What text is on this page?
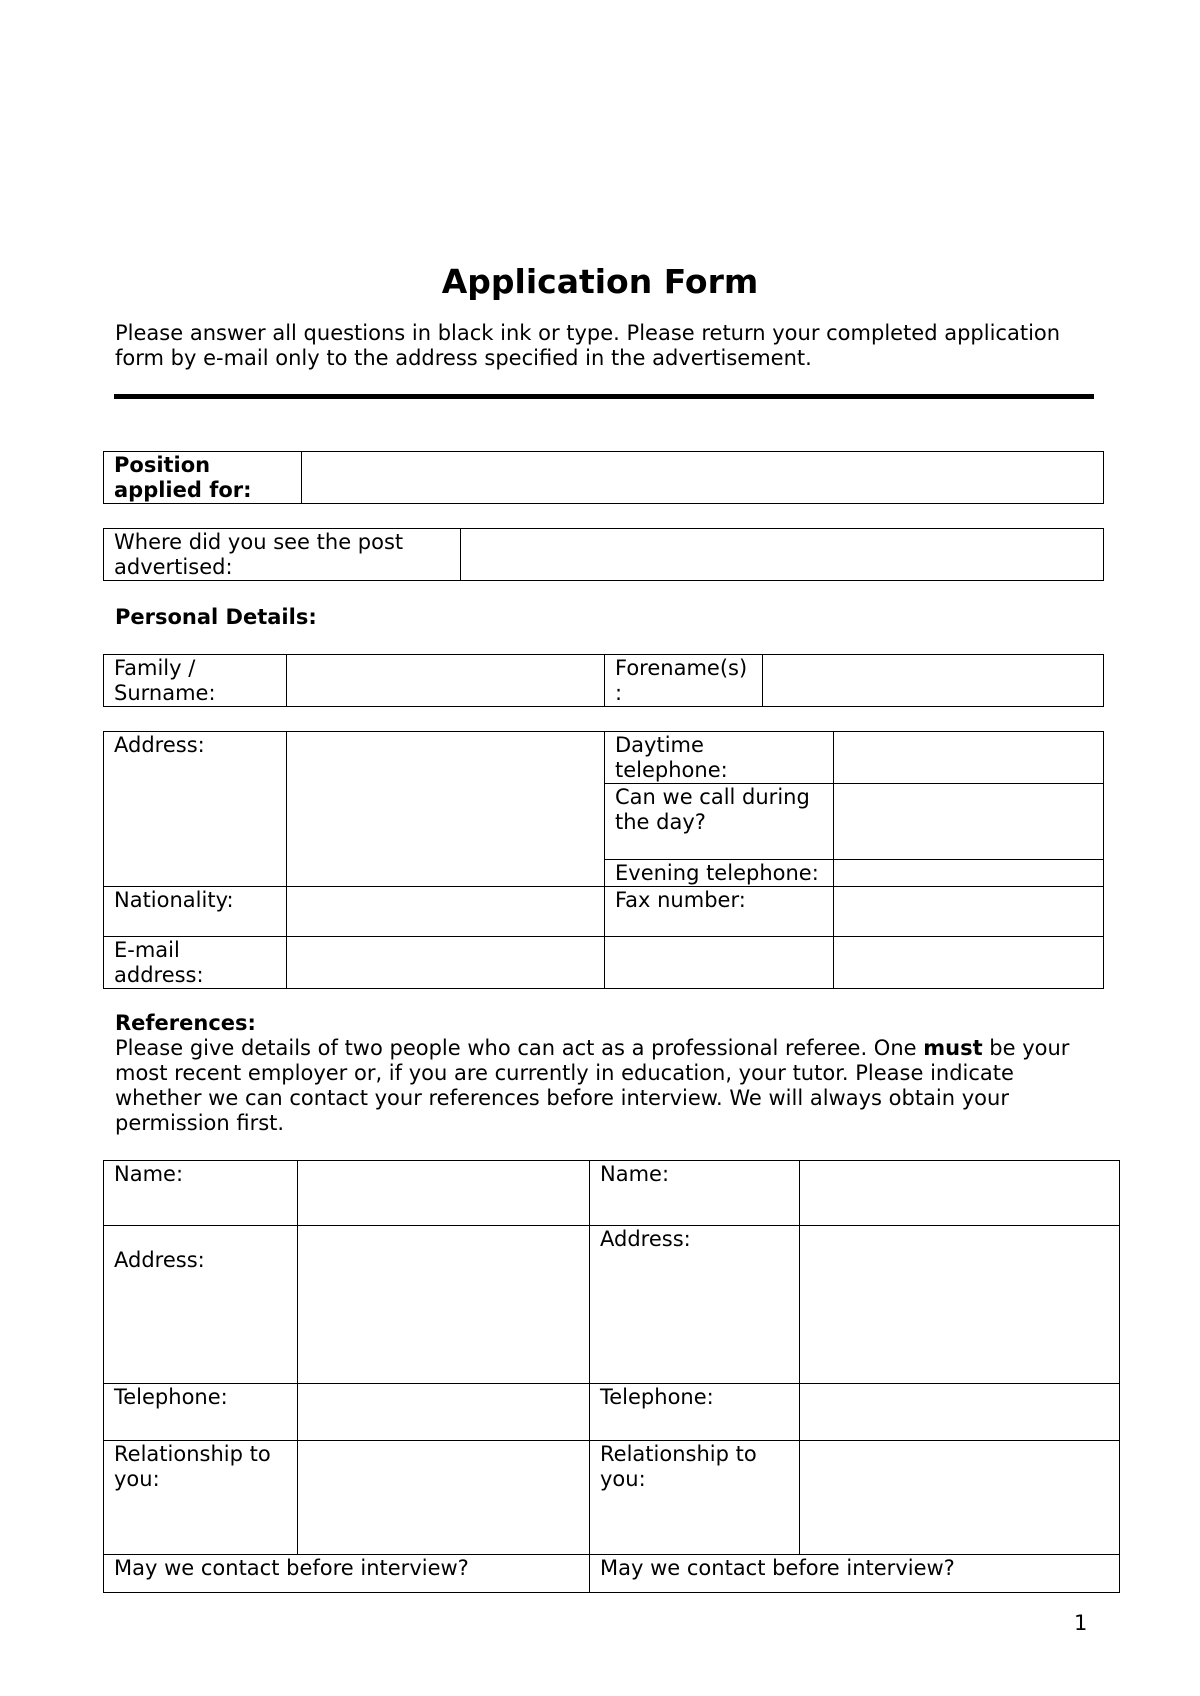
Application Form
Please answer all questions in black ink or type. Please return your completed application form by e-mail only to the address specified in the advertisement.
Position applied for:	
Where did you see the post advertised:	
Personal Details:
Family / Surname:		Forename(s) :	
Address:		Daytime telephone:	
		Can we call during the day?	
		Evening telephone:	
Nationality:		Fax number:	
E-mail address:			
References:
Please give details of two people who can act as a professional referee. One must be your most recent employer or, if you are currently in education, your tutor. Please indicate whether we can contact your references before interview. We will always obtain your permission first.
Name:		Name:	
Address:		Address:	
Telephone:		Telephone:	
Relationship to you:		Relationship to you:	
May we contact before interview?		May we contact before interview?	
1
